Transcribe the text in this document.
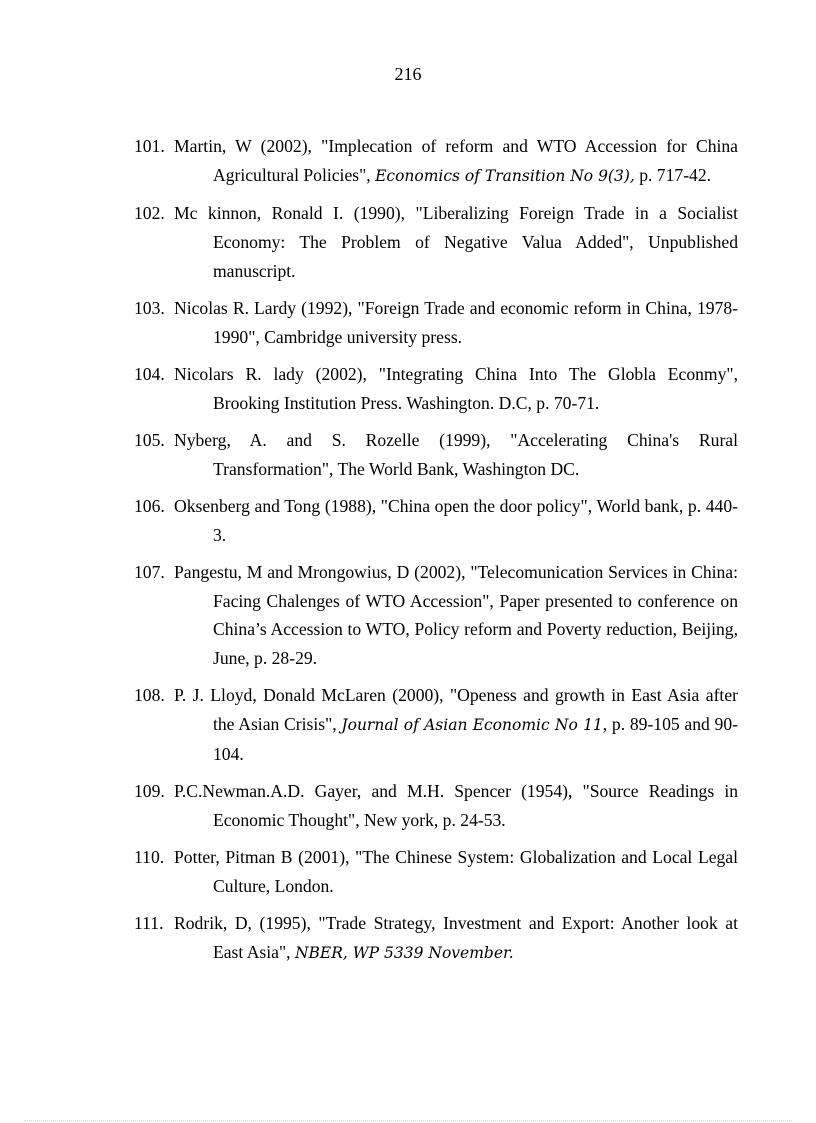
216
101. Martin, W (2002), "Implecation of reform and WTO Accession for China Agricultural Policies", Economics of Transition No 9(3), p. 717-42.
102. Mc kinnon, Ronald I. (1990), "Liberalizing Foreign Trade in a Socialist Economy: The Problem of Negative Valua Added", Unpublished manuscript.
103. Nicolas R. Lardy (1992), "Foreign Trade and economic reform in China, 1978- 1990", Cambridge university press.
104. Nicolars R. lady (2002), "Integrating China Into The Globla Econmy", Brooking Institution Press. Washington. D.C, p. 70-71.
105. Nyberg, A. and S. Rozelle (1999), "Accelerating China's Rural Transformation", The World Bank, Washington DC.
106. Oksenberg and Tong (1988), "China open the door policy", World bank, p. 440-3.
107. Pangestu, M and Mrongowius, D (2002), "Telecomunication Services in China: Facing Chalenges of WTO Accession", Paper presented to conference on China’s Accession to WTO, Policy reform and Poverty reduction, Beijing, June, p. 28-29.
108. P. J. Lloyd, Donald McLaren (2000), "Openess and growth in East Asia after the Asian Crisis", Journal of Asian Economic No 11, p. 89-105 and 90-104.
109. P.C.Newman.A.D. Gayer, and M.H. Spencer (1954), "Source Readings in Economic Thought", New york, p. 24-53.
110. Potter, Pitman B (2001), "The Chinese System: Globalization and Local Legal Culture, London.
111. Rodrik, D, (1995), "Trade Strategy, Investment and Export: Another look at East Asia", NBER, WP 5339 November.
